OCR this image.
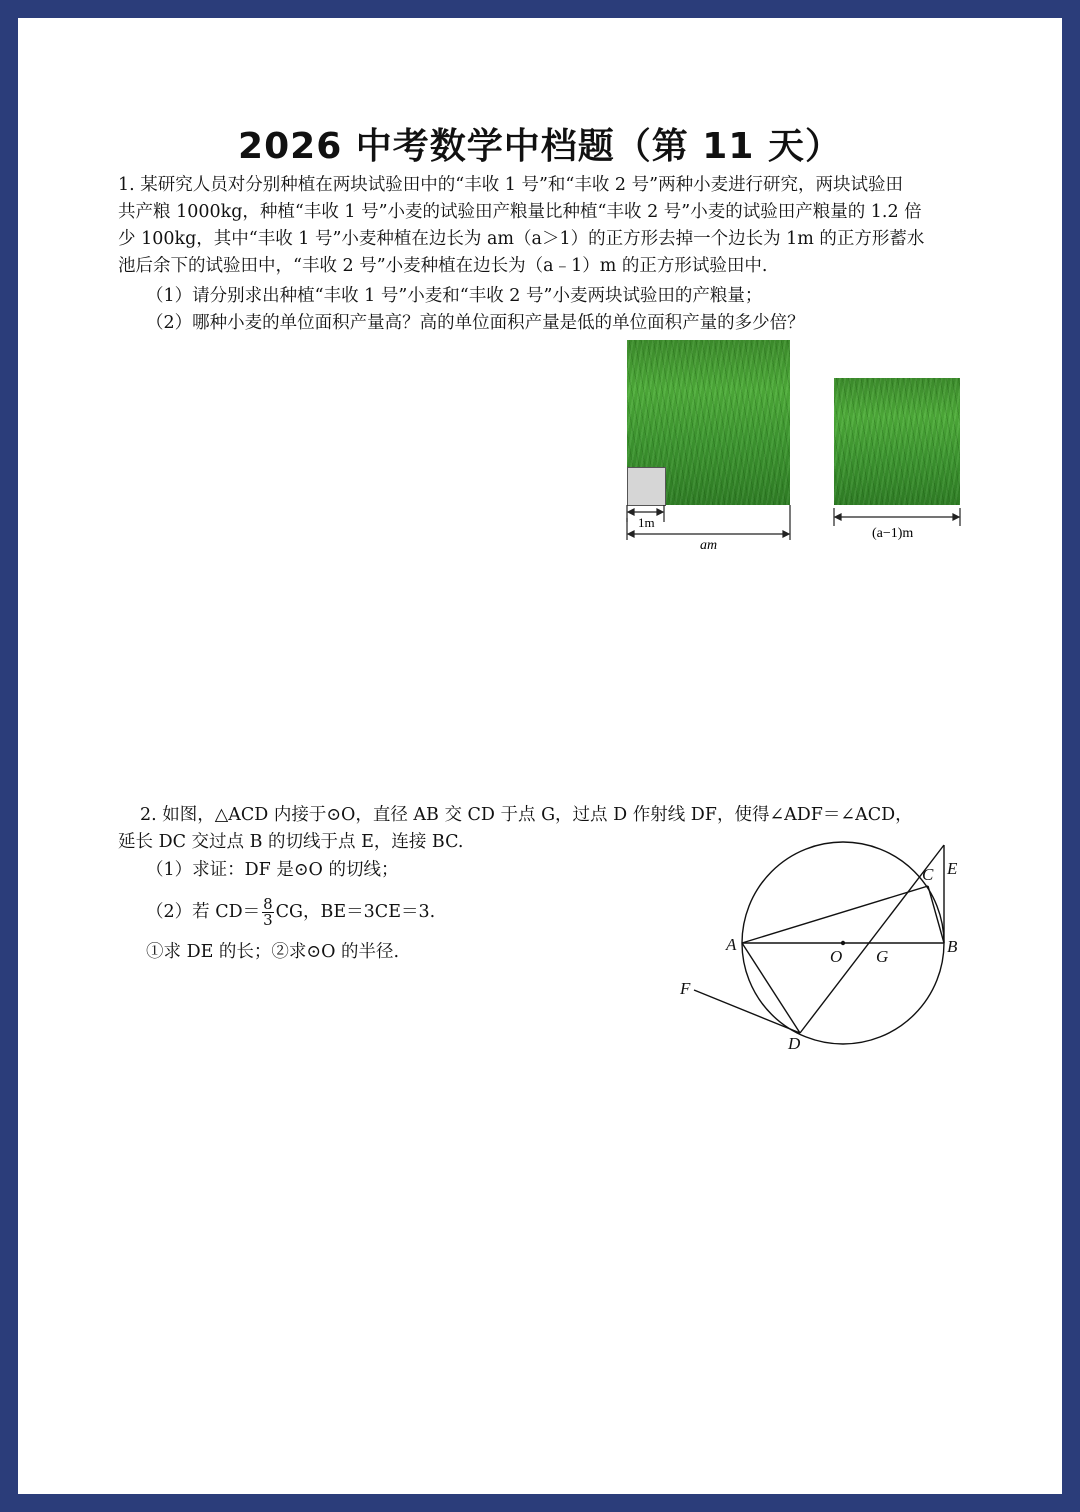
2026 中考数学中档题（第 11 天）
1. 某研究人员对分别种植在两块试验田中的“丰收 1 号”和“丰收 2 号”两种小麦进行研究，两块试验田
共产粮 1000kg，种植“丰收 1 号”小麦的试验田产粮量比种植“丰收 2 号”小麦的试验田产粮量的 1.2 倍
少 100kg，其中“丰收 1 号”小麦种植在边长为 am（a＞1）的正方形去掉一个边长为 1m 的正方形蓄水
池后余下的试验田中，“丰收 2 号”小麦种植在边长为（a﹣1）m 的正方形试验田中.
（1）请分别求出种植“丰收 1 号”小麦和“丰收 2 号”小麦两块试验田的产粮量；
（2）哪种小麦的单位面积产量高？高的单位面积产量是低的单位面积产量的多少倍？
1m
am
(a−1)m
2. 如图，△ACD 内接于⊙O，直径 AB 交 CD 于点 G，过点 D 作射线 DF，使得∠ADF＝∠ACD，
延长 DC 交过点 B 的切线于点 E，连接 BC.
（1）求证：DF 是⊙O 的切线；
（2）若 $CD= \frac{8}{3}$ CG，BE＝3CE＝3.
①求 DE 的长；②求⊙O 的半径.	A	B
C
D
E
F
O G
